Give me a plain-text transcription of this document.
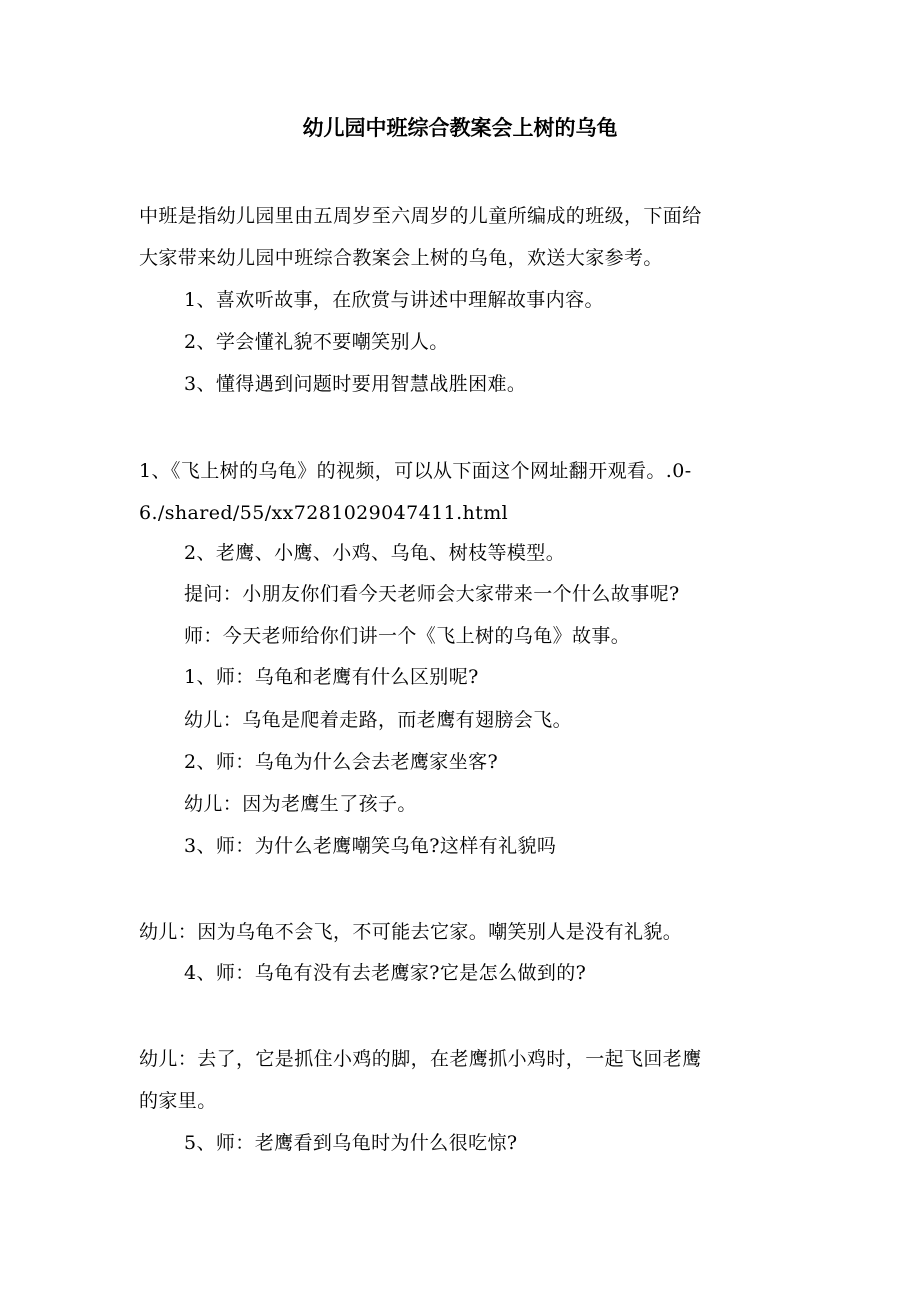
幼儿园中班综合教案会上树的乌龟
中班是指幼儿园里由五周岁至六周岁的儿童所编成的班级，下面给
大家带来幼儿园中班综合教案会上树的乌龟，欢送大家参考。
1、喜欢听故事，在欣赏与讲述中理解故事内容。
2、学会懂礼貌不要嘲笑别人。
3、懂得遇到问题时要用智慧战胜困难。
1、《飞上树的乌龟》的视频，可以从下面这个网址翻开观看。.0-
6./shared/55/xx7281029047411.html
2、老鹰、小鹰、小鸡、乌龟、树枝等模型。
提问：小朋友你们看今天老师会大家带来一个什么故事呢?
师：今天老师给你们讲一个《飞上树的乌龟》故事。
1、师：乌龟和老鹰有什么区别呢?
幼儿：乌龟是爬着走路，而老鹰有翅膀会飞。
2、师：乌龟为什么会去老鹰家坐客?
幼儿：因为老鹰生了孩子。
3、师：为什么老鹰嘲笑乌龟?这样有礼貌吗
幼儿：因为乌龟不会飞，不可能去它家。嘲笑别人是没有礼貌。
4、师：乌龟有没有去老鹰家?它是怎么做到的?
幼儿：去了，它是抓住小鸡的脚，在老鹰抓小鸡时，一起飞回老鹰
的家里。
5、师：老鹰看到乌龟时为什么很吃惊?
